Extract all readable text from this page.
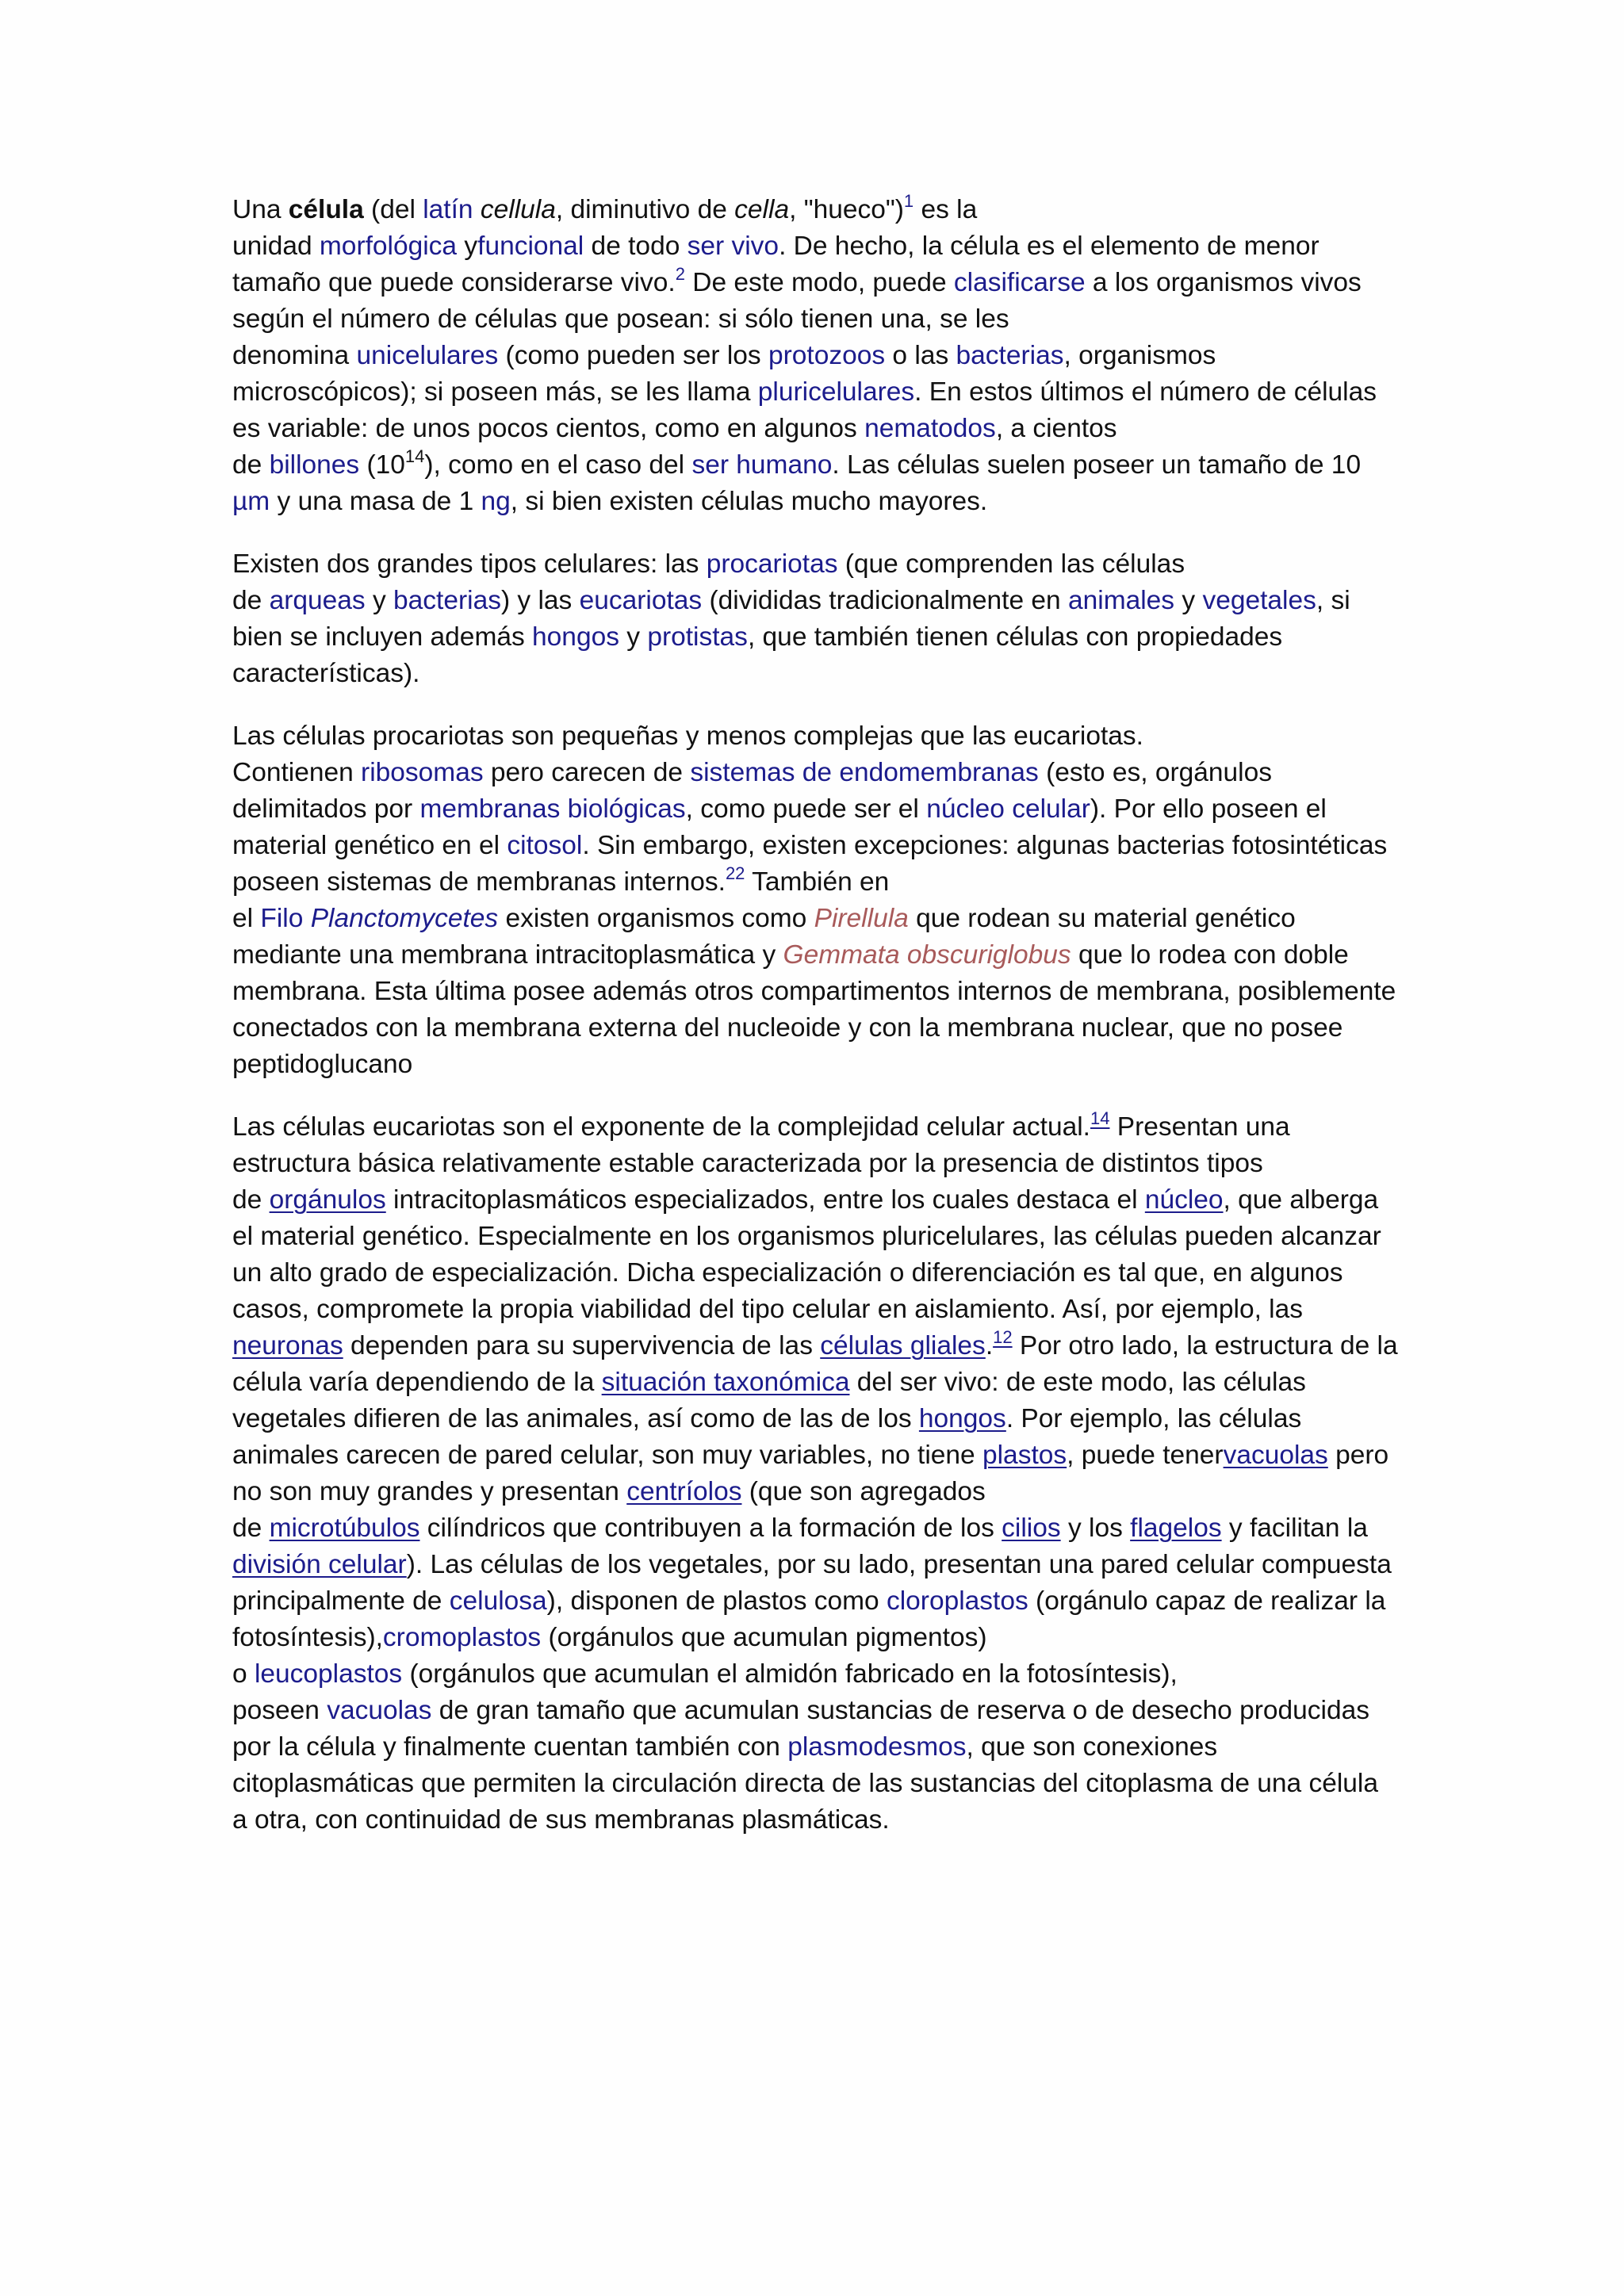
Una célula (del latín cellula, diminutivo de cella, "hueco")$^1$ es la
unidad morfológica yfuncional de todo ser vivo. De hecho, la célula es el elemento de menor tamaño que puede considerarse vivo.$^2$ De este modo, puede clasificarse a los organismos vivos según el número de células que posean: si sólo tienen una, se les
denomina unicelulares (como pueden ser los protozoos o las bacterias, organismos microscópicos); si poseen más, se les llama pluricelulares. En estos últimos el número de células es variable: de unos pocos cientos, como en algunos nematodos, a cientos
de billones $(10^{14})$, como en el caso del ser humano. Las células suelen poseer un tamaño de 10 µm y una masa de 1 ng, si bien existen células mucho mayores.

Existen dos grandes tipos celulares: las procariotas (que comprenden las células
de arqueas y bacterias) y las eucariotas (divididas tradicionalmente en animales y vegetales, si bien se incluyen además hongos y protistas, que también tienen células con propiedades características).

Las células procariotas son pequeñas y menos complejas que las eucariotas.
Contienen ribosomas pero carecen de sistemas de endomembranas (esto es, orgánulos delimitados por membranas biológicas, como puede ser el núcleo celular). Por ello poseen el material genético en el citosol. Sin embargo, existen excepciones: algunas bacterias fotosintéticas poseen sistemas de membranas internos.$^{22}$ También en
el Filo Planctomycetes existen organismos como Pirellula que rodean su material genético mediante una membrana intracitoplasmática y Gemmata obscuriglobus que lo rodea con doble membrana. Esta última posee además otros compartimentos internos de membrana, posiblemente conectados con la membrana externa del nucleoide y con la membrana nuclear, que no posee peptidoglucano

Las células eucariotas son el exponente de la complejidad celular actual.$^{14}$ Presentan una estructura básica relativamente estable caracterizada por la presencia de distintos tipos
de orgánulos intracitoplasmáticos especializados, entre los cuales destaca el núcleo, que alberga el material genético. Especialmente en los organismos pluricelulares, las células pueden alcanzar un alto grado de especialización. Dicha especialización o diferenciación es tal que, en algunos casos, compromete la propia viabilidad del tipo celular en aislamiento. Así, por ejemplo, las neuronas dependen para su supervivencia de las células gliales.$^{12}$ Por otro lado, la estructura de la célula varía dependiendo de la situación taxonómica del ser vivo: de este modo, las células vegetales difieren de las animales, así como de las de los hongos. Por ejemplo, las células animales carecen de pared celular, son muy variables, no tiene plastos, puede tenervacuolas pero no son muy grandes y presentan centríolos (que son agregados
de microtúbulos cilíndricos que contribuyen a la formación de los cilios y los flagelos y facilitan la división celular). Las células de los vegetales, por su lado, presentan una pared celular compuesta principalmente de celulosa), disponen de plastos como cloroplastos (orgánulo capaz de realizar la fotosíntesis),cromoplastos (orgánulos que acumulan pigmentos)
o leucoplastos (orgánulos que acumulan el almidón fabricado en la fotosíntesis),
poseen vacuolas de gran tamaño que acumulan sustancias de reserva o de desecho producidas por la célula y finalmente cuentan también con plasmodesmos, que son conexiones citoplasmáticas que permiten la circulación directa de las sustancias del citoplasma de una célula a otra, con continuidad de sus membranas plasmáticas.
